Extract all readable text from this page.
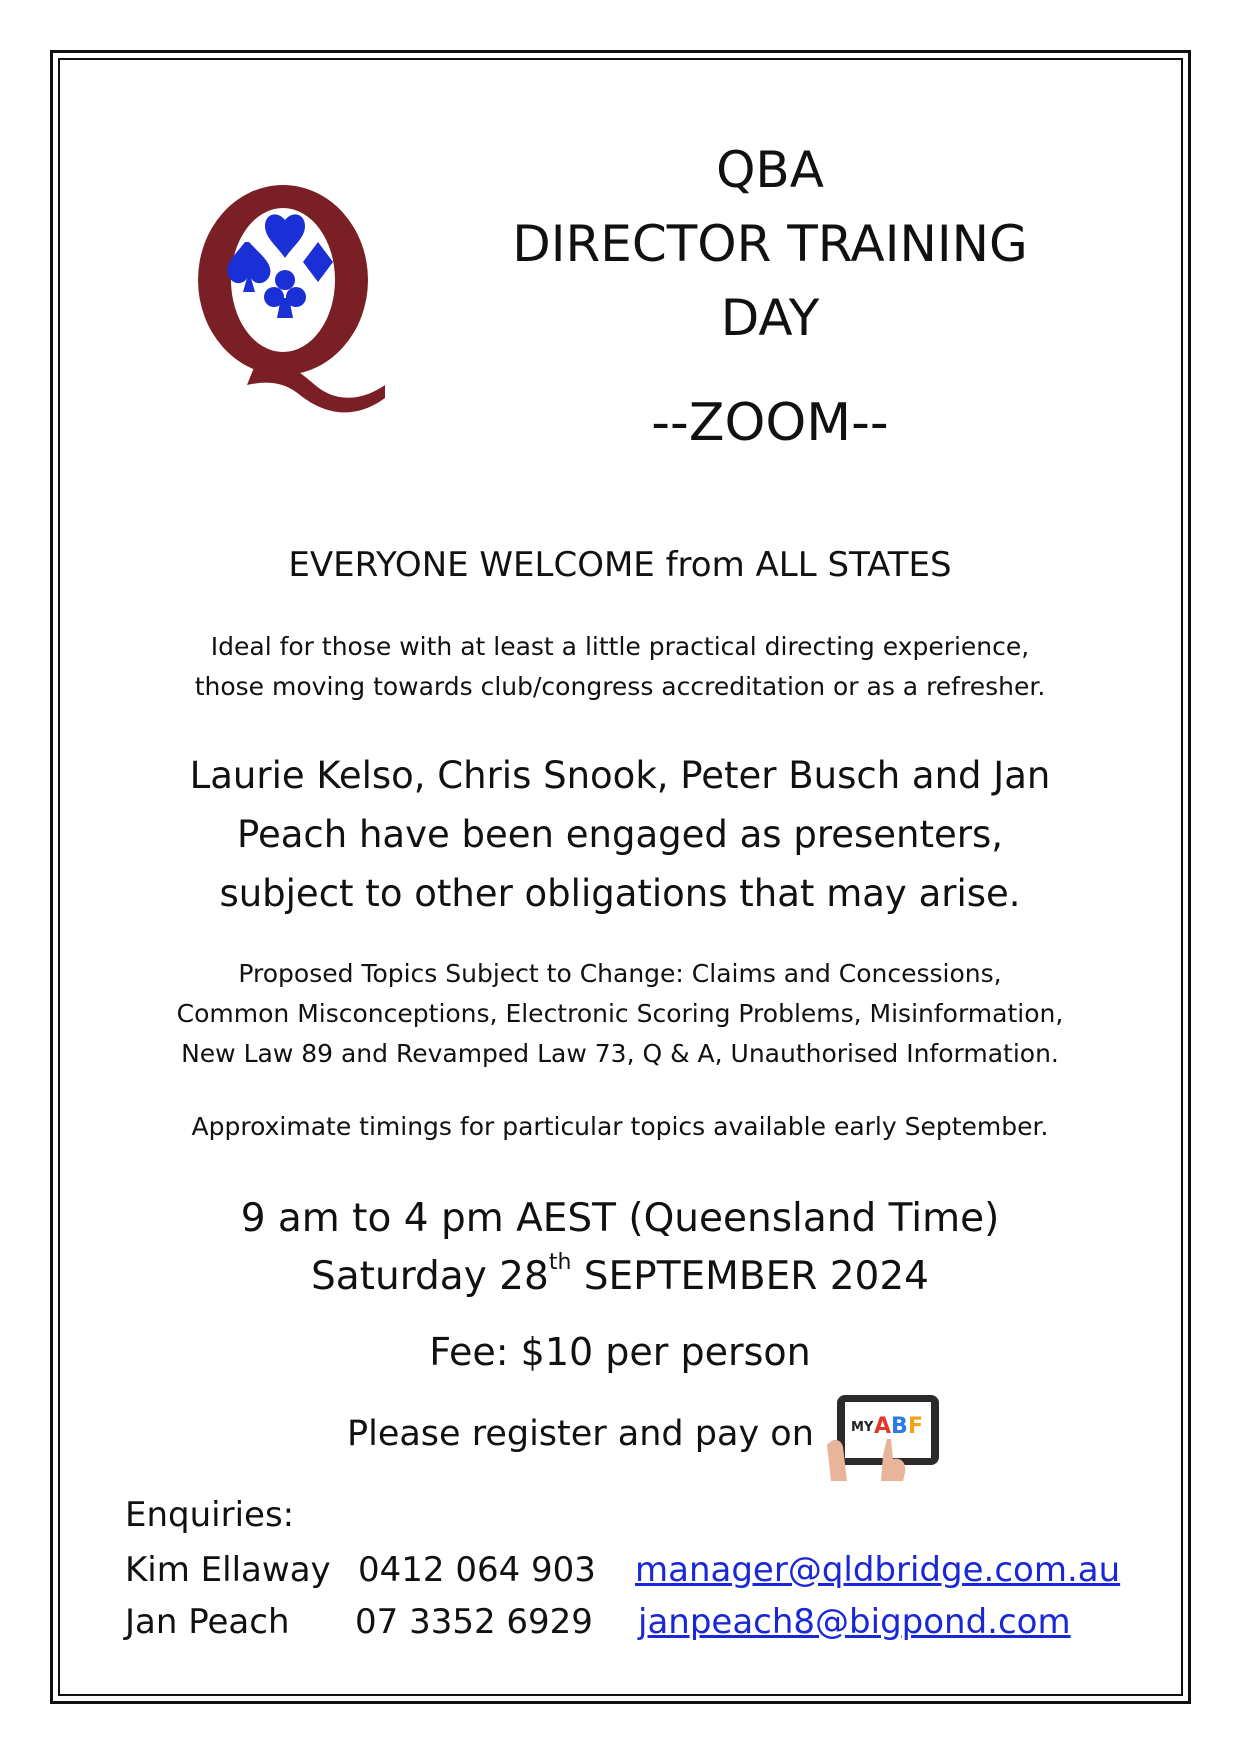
QBA
DIRECTOR TRAINING
DAY
--ZOOM--
EVERYONE WELCOME from ALL STATES
Ideal for those with at least a little practical directing experience,
those moving towards club/congress accreditation or as a refresher.
Laurie Kelso, Chris Snook, Peter Busch and Jan
Peach have been engaged as presenters,
subject to other obligations that may arise.
Proposed Topics Subject to Change: Claims and Concessions,
Common Misconceptions, Electronic Scoring Problems, Misinformation,
New Law 89 and Revamped Law 73, Q & A, Unauthorised Information.
Approximate timings for particular topics available early September.
9 am to 4 pm AEST (Queensland Time)
Saturday 28th SEPTEMBER 2024
Fee: $10 per person
Please register and pay on	MY A B F
Enquiries:
Kim Ellaway 0412 064 903 manager@qldbridge.com.au
Jan Peach 07 3352 6929 janpeach8@bigpond.com
